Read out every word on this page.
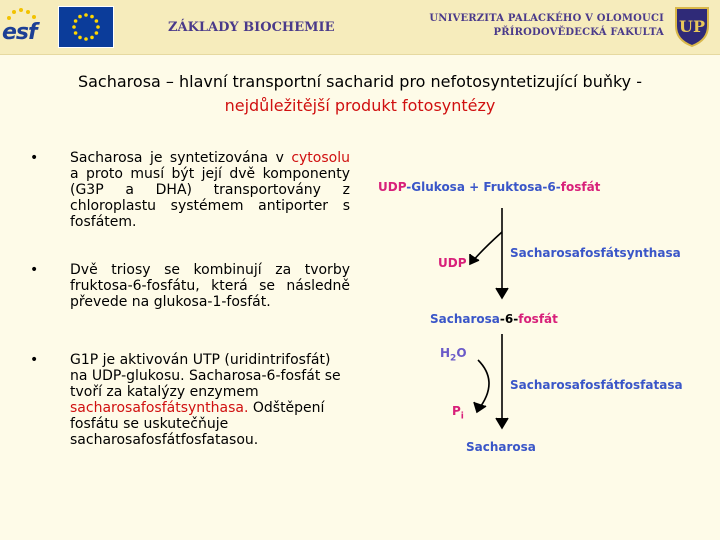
esf	ZÁKLADY BIOCHEMIE
UNIVERZITA PALACKÉHO V OLOMOUCI
PŘÍRODOVĚDECKÁ FAKULTA UP
Sacharosa – hlavní transportní sacharid pro nefotosyntetizující buňky - nejdůležitější produkt fotosyntézy
• Sacharosa je syntetizována v cytosolu a proto musí být její dvě komponenty (G3P a DHA) transportovány z chloroplastu systémem antiporter s fosfátem.
• Dvě triosy se kombinují za tvorby fruktosa-6-fosfátu, která se následně převede na glukosa-1-fosfát.
• G1P je aktivován UTP (uridintrifosfát) na UDP-glukosu. Sacharosa-6-fosfát se tvoří za katalýzy enzymem sacharosafosfátsynthasa. Odštěpení fosfátu se uskutečňuje sacharosafosfátfosfatasou.
UDP-Glukosa + Fruktosa-6-fosfát
UDP
Sacharosafosfátsynthasa
Sacharosa-6-fosfát
$H_2O$
Sacharosafosfátfosfatasa
$P_i$
Sacharosa
